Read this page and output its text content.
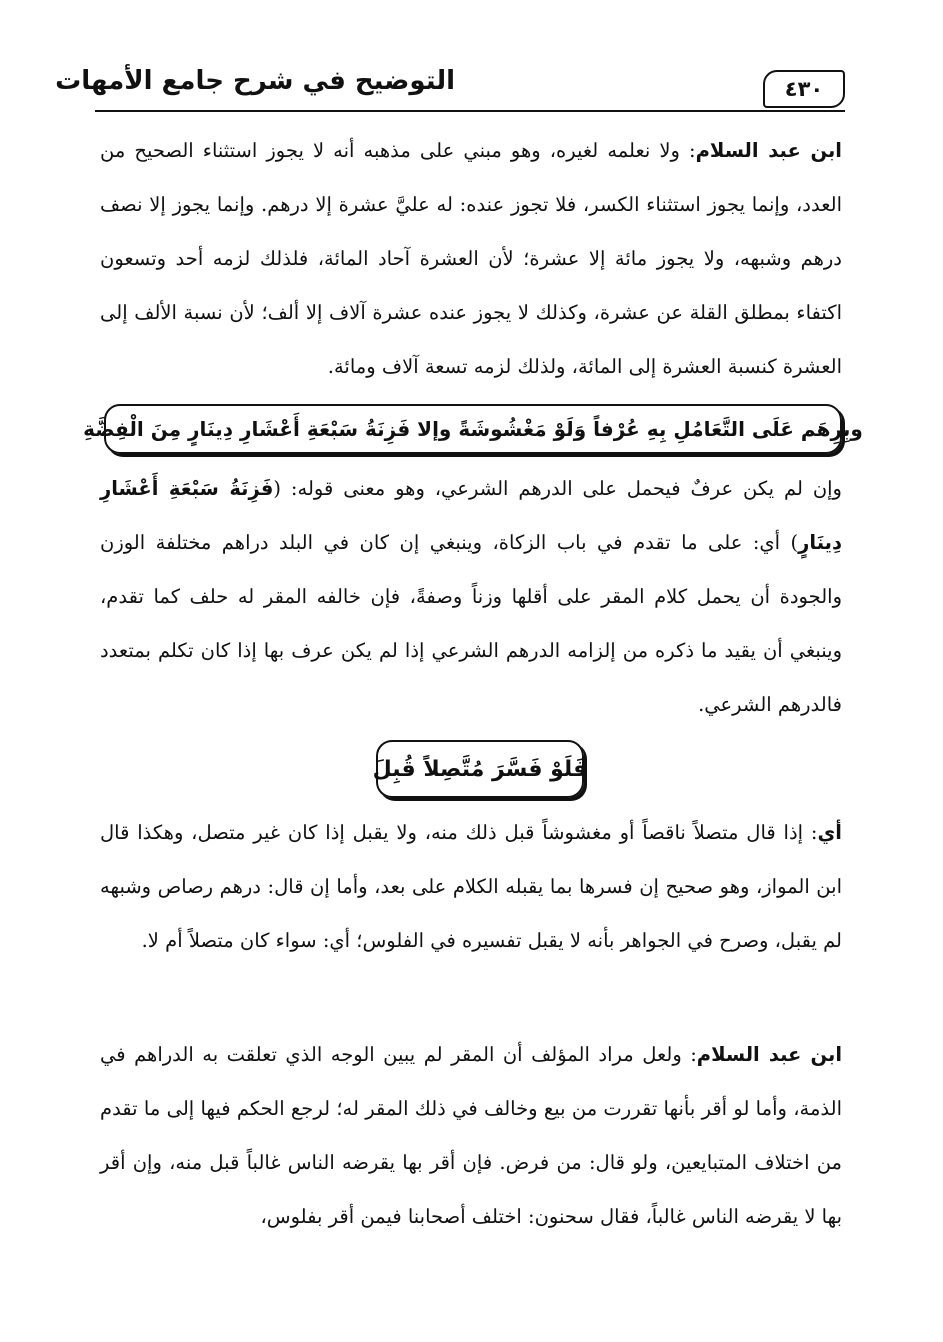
٤٣٠
التوضيح في شرح جامع الأمهات
ابن عبد السلام: ولا نعلمه لغيره، وهو مبني على مذهبه أنه لا يجوز استثناء الصحيح من العدد، وإنما يجوز استثناء الكسر، فلا تجوز عنده: له عليَّ عشرة إلا درهم. وإنما يجوز إلا نصف درهم وشبهه، ولا يجوز مائة إلا عشرة؛ لأن العشرة آحاد المائة، فلذلك لزمه أحد وتسعون اكتفاء بمطلق القلة عن عشرة، وكذلك لا يجوز عنده عشرة آلاف إلا ألف؛ لأن نسبة الألف إلى العشرة كنسبة العشرة إلى المائة، ولذلك لزمه تسعة آلاف ومائة.
وبِرِهَم عَلَى التَّعَامُلِ بِهِ عُرْفاً وَلَوْ مَغْشُوشَةً وإلا فَزِنَةُ سَبْعَةِ أَعْشَارِ دِينَارٍ مِنَ الْفِضَّةِ
وإن لم يكن عرفٌ فيحمل على الدرهم الشرعي، وهو معنى قوله: (فَزِنَةُ سَبْعَةِ أَعْشَارِ دِينَارٍ) أي: على ما تقدم في باب الزكاة، وينبغي إن كان في البلد دراهم مختلفة الوزن والجودة أن يحمل كلام المقر على أقلها وزناً وصفةً، فإن خالفه المقر له حلف كما تقدم، وينبغي أن يقيد ما ذكره من إلزامه الدرهم الشرعي إذا لم يكن عرف بها إذا كان تكلم بمتعدد فالدرهم الشرعي.
فَلَوْ فَسَّرَ مُتَّصِلاً قُبِلَ
أي: إذا قال متصلاً ناقصاً أو مغشوشاً قبل ذلك منه، ولا يقبل إذا كان غير متصل، وهكذا قال ابن المواز، وهو صحيح إن فسرها بما يقبله الكلام على بعد، وأما إن قال: درهم رصاص وشبهه لم يقبل، وصرح في الجواهر بأنه لا يقبل تفسيره في الفلوس؛ أي: سواء كان متصلاً أم لا.
ابن عبد السلام: ولعل مراد المؤلف أن المقر لم يبين الوجه الذي تعلقت به الدراهم في الذمة، وأما لو أقر بأنها تقررت من بيع وخالف في ذلك المقر له؛ لرجع الحكم فيها إلى ما تقدم من اختلاف المتبايعين، ولو قال: من فرض. فإن أقر بها يقرضه الناس غالباً قبل منه، وإن أقر بها لا يقرضه الناس غالباً، فقال سحنون: اختلف أصحابنا فيمن أقر بفلوس،
